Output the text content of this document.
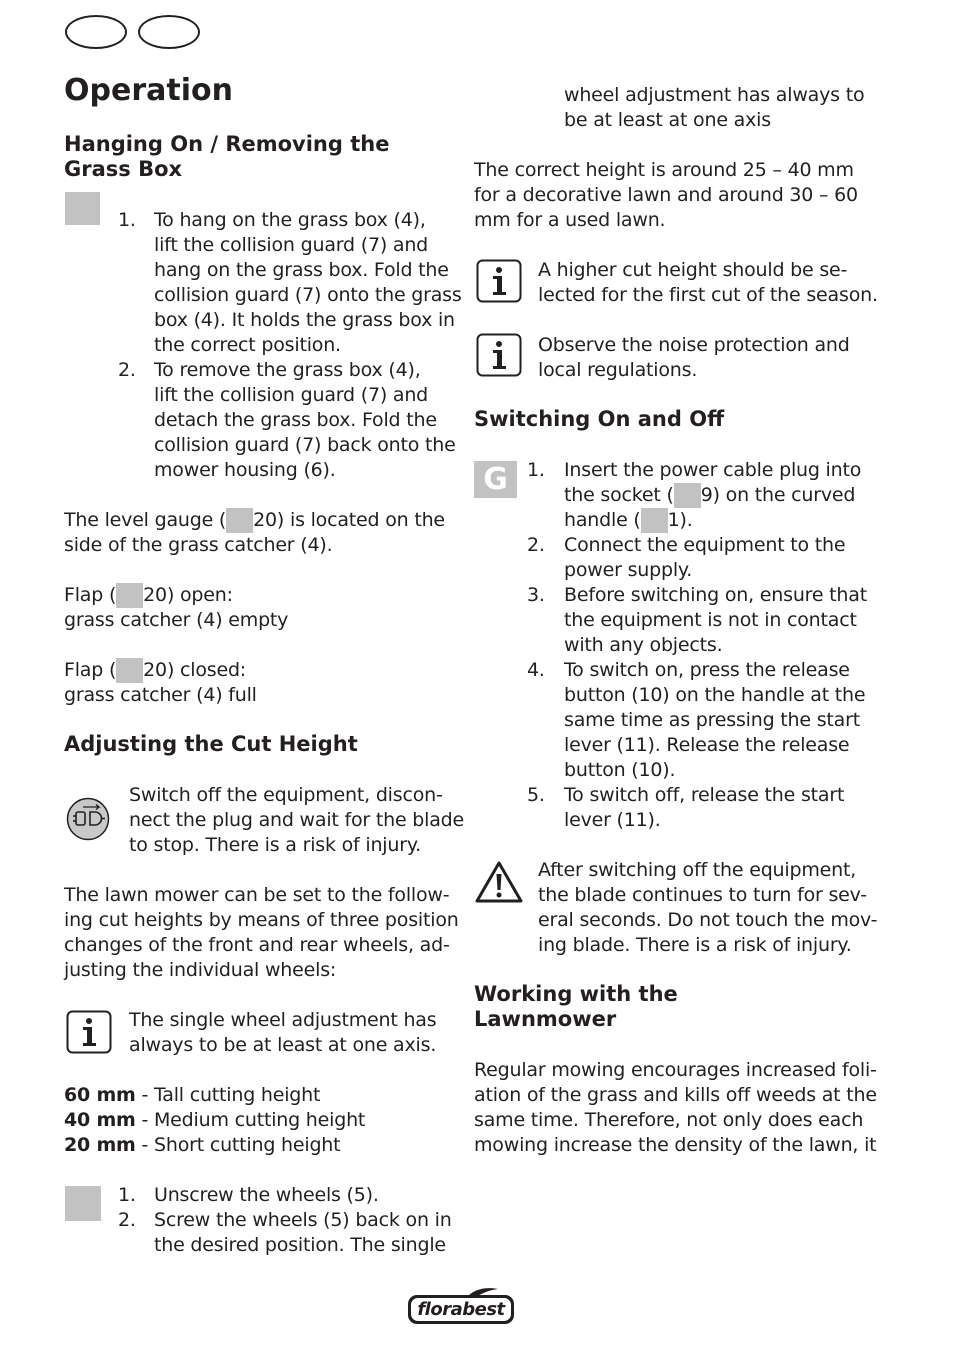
Operation
Hanging On / Removing the
Grass Box
1. To hang on the grass box (4),
lift the collision guard (7) and
hang on the grass box. Fold the
collision guard (7) onto the grass
box (4). It holds the grass box in
the correct position.
2. To remove the grass box (4),
lift the collision guard (7) and
detach the grass box. Fold the
collision guard (7) back onto the
mower housing (6).
The level gauge ( 20) is located on the
side of the grass catcher (4).
Flap ( 20) open:
grass catcher (4) empty
Flap ( 20) closed:
grass catcher (4) full
Adjusting the Cut Height
Switch off the equipment, discon-
nect the plug and wait for the blade
to stop. There is a risk of injury.
The lawn mower can be set to the follow-
ing cut heights by means of three position
changes of the front and rear wheels, ad-
justing the individual wheels:
The single wheel adjustment has
always to be at least at one axis.
60 mm - Tall cutting height
40 mm - Medium cutting height
20 mm - Short cutting height
1. Unscrew the wheels (5).
2. Screw the wheels (5) back on in
the desired position. The single
wheel adjustment has always to
be at least at one axis
The correct height is around 25 – 40 mm
for a decorative lawn and around 30 – 60
mm for a used lawn.
A higher cut height should be se-
lected for the first cut of the season.
Observe the noise protection and
local regulations.
Switching On and Off
G	1. Insert the power cable plug into
the socket ( 9) on the curved
handle ( 1).
2. Connect the equipment to the
power supply.
3. Before switching on, ensure that
the equipment is not in contact
with any objects.
4. To switch on, press the release
button (10) on the handle at the
same time as pressing the start
lever (11). Release the release
button (10).
5. To switch off, release the start
lever (11).
After switching off the equipment,
the blade continues to turn for sev-
eral seconds. Do not touch the mov-
ing blade. There is a risk of injury.
Working with the
Lawnmower
Regular mowing encourages increased foli-
ation of the grass and kills off weeds at the
same time. Therefore, not only does each
mowing increase the density of the lawn, it
florabest
